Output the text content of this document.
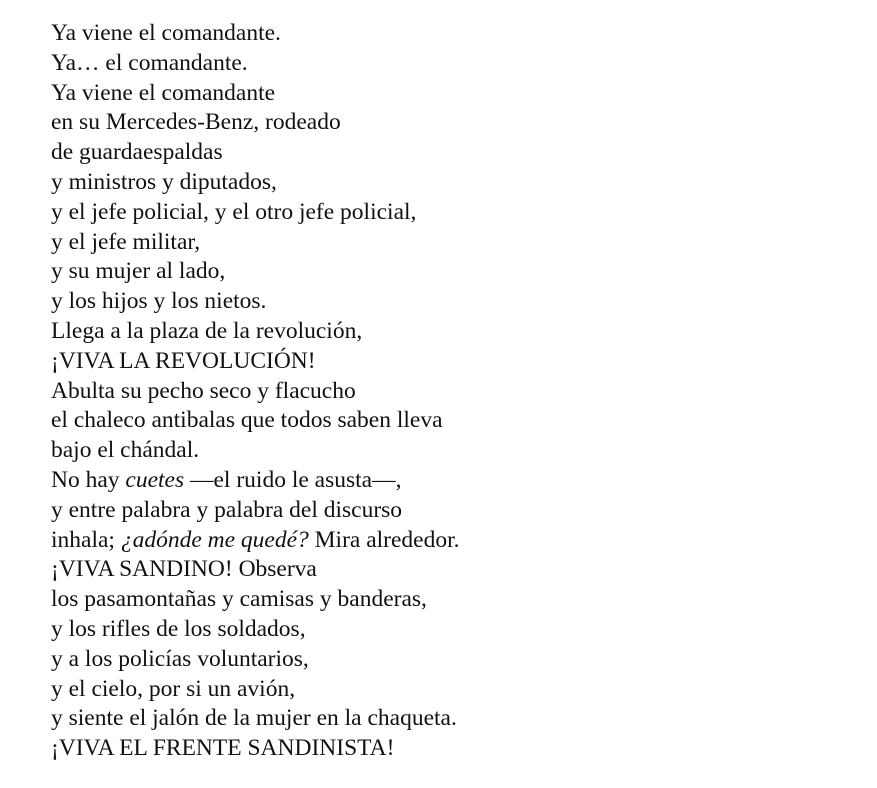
Ya viene el comandante.
Ya… el comandante.
Ya viene el comandante
en su Mercedes-Benz, rodeado
de guardaespaldas
y ministros y diputados,
y el jefe policial, y el otro jefe policial,
y el jefe militar,
y su mujer al lado,
y los hijos y los nietos.
Llega a la plaza de la revolución,
¡VIVA LA REVOLUCIÓN!
Abulta su pecho seco y flacucho
el chaleco antibalas que todos saben lleva
bajo el chándal.
No hay cuetes —el ruido le asusta—,
y entre palabra y palabra del discurso
inhala; ¿adónde me quedé? Mira alrededor.
¡VIVA SANDINO! Observa
los pasamontañas y camisas y banderas,
y los rifles de los soldados,
y a los policías voluntarios,
y el cielo, por si un avión,
y siente el jalón de la mujer en la chaqueta.
¡VIVA EL FRENTE SANDINISTA!
